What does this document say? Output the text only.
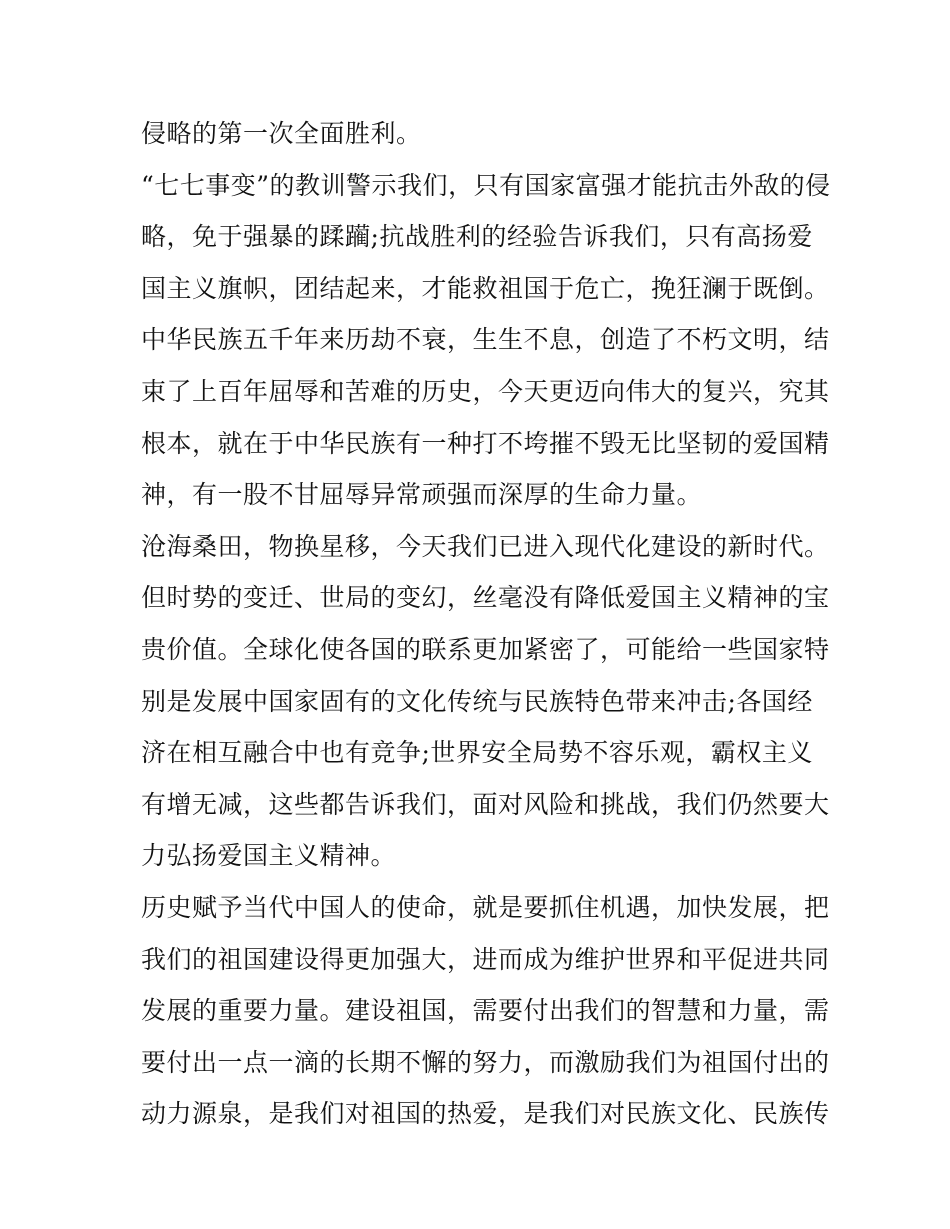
侵略的第一次全面胜利。
“七七事变”的教训警示我们，只有国家富强才能抗击外敌的侵
略，免于强暴的蹂躏;抗战胜利的经验告诉我们，只有高扬爱
国主义旗帜，团结起来，才能救祖国于危亡，挽狂澜于既倒。
中华民族五千年来历劫不衰，生生不息，创造了不朽文明，结
束了上百年屈辱和苦难的历史，今天更迈向伟大的复兴，究其
根本，就在于中华民族有一种打不垮摧不毁无比坚韧的爱国精
神，有一股不甘屈辱异常顽强而深厚的生命力量。
沧海桑田，物换星移，今天我们已进入现代化建设的新时代。
但时势的变迁、世局的变幻，丝毫没有降低爱国主义精神的宝
贵价值。全球化使各国的联系更加紧密了，可能给一些国家特
别是发展中国家固有的文化传统与民族特色带来冲击;各国经
济在相互融合中也有竞争;世界安全局势不容乐观，霸权主义
有增无减，这些都告诉我们，面对风险和挑战，我们仍然要大
力弘扬爱国主义精神。
历史赋予当代中国人的使命，就是要抓住机遇，加快发展，把
我们的祖国建设得更加强大，进而成为维护世界和平促进共同
发展的重要力量。建设祖国，需要付出我们的智慧和力量，需
要付出一点一滴的长期不懈的努力，而激励我们为祖国付出的
动力源泉，是我们对祖国的热爱，是我们对民族文化、民族传
